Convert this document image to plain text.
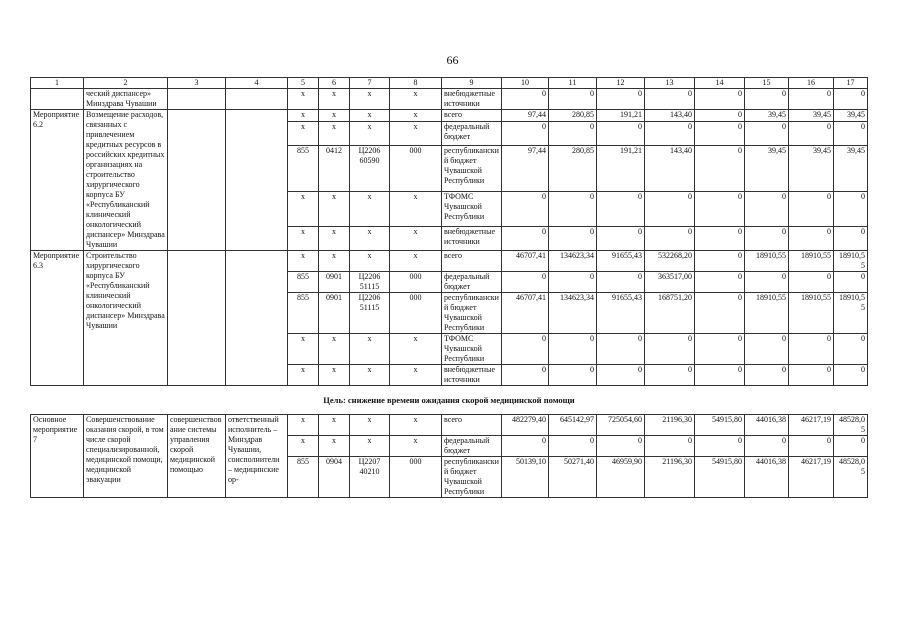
66
1	2	3	4	5	6	7	8	9	10	11	12	13	14	15	16	17
	ческий диспансер» Минздрава Чувашии			x	x	x	x	внебюджетные источники	0	0	0	0	0	0	0	0
Мероприятие 6.2	Возмещение расходов, связанных с привлечением кредитных ресурсов в российских кредитных организациях на строительство хирургического корпуса БУ «Республиканский клинический онкологический диспансер» Минздрава Чувашии			x	x	x	x	всего	97,44	280,85	191,21	143,40	0	39,45	39,45	39,45
				x	x	x	x	федеральный бюджет	0	0	0	0	0	0	0	0
				855	0412	Ц2206 60590	000	республиканский бюджет Чувашской Республики	97,44	280,85	191,21	143,40	0	39,45	39,45	39,45
				x	x	x	x	ТФОМС Чувашской Республики	0	0	0	0	0	0	0	0
				x	x	x	x	внебюджетные источники	0	0	0	0	0	0	0	0
Мероприятие 6.3	Строительство хирургического корпуса БУ «Республиканский клинический онкологический диспансер» Минздрава Чувашии			x	x	x	x	всего	46707,41	134623,34	91655,43	532268,20	0	18910,55	18910,55	18910,55
				855	0901	Ц2206 51115	000	федеральный бюджет	0	0	0	363517,00	0	0	0	0
				855	0901	Ц2206 51115	000	республиканский бюджет Чувашской Республики	46707,41	134623,34	91655,43	168751,20	0	18910,55	18910,55	18910,55
				x	x	x	x	ТФОМС Чувашской Республики	0	0	0	0	0	0	0	0
				x	x	x	x	внебюджетные источники	0	0	0	0	0	0	0	0
Цель: снижение времени ожидания скорой медицинской помощи																
Основное мероприятие 7	Совершенствование оказания скорой, в том числе скорой специализированной, медицинской помощи, медицинской эвакуации	совершенствование системы управления скорой медицинской помощью	ответственный исполнитель – Минздрав Чувашии, соисполнители – медицинские ор-	x	x	x	x	всего	482279,40	645142,97	725054,60	21196,30	54915,80	44016,38	46217,19	48528,05
				x	x	x	x	федеральный бюджет	0	0	0	0	0	0	0	0
				855	0904	Ц2207 40210	000	республиканский бюджет Чувашской Республики	50139,10	50271,40	46959,90	21196,30	54915,80	44016,38	46217,19	48528,05
